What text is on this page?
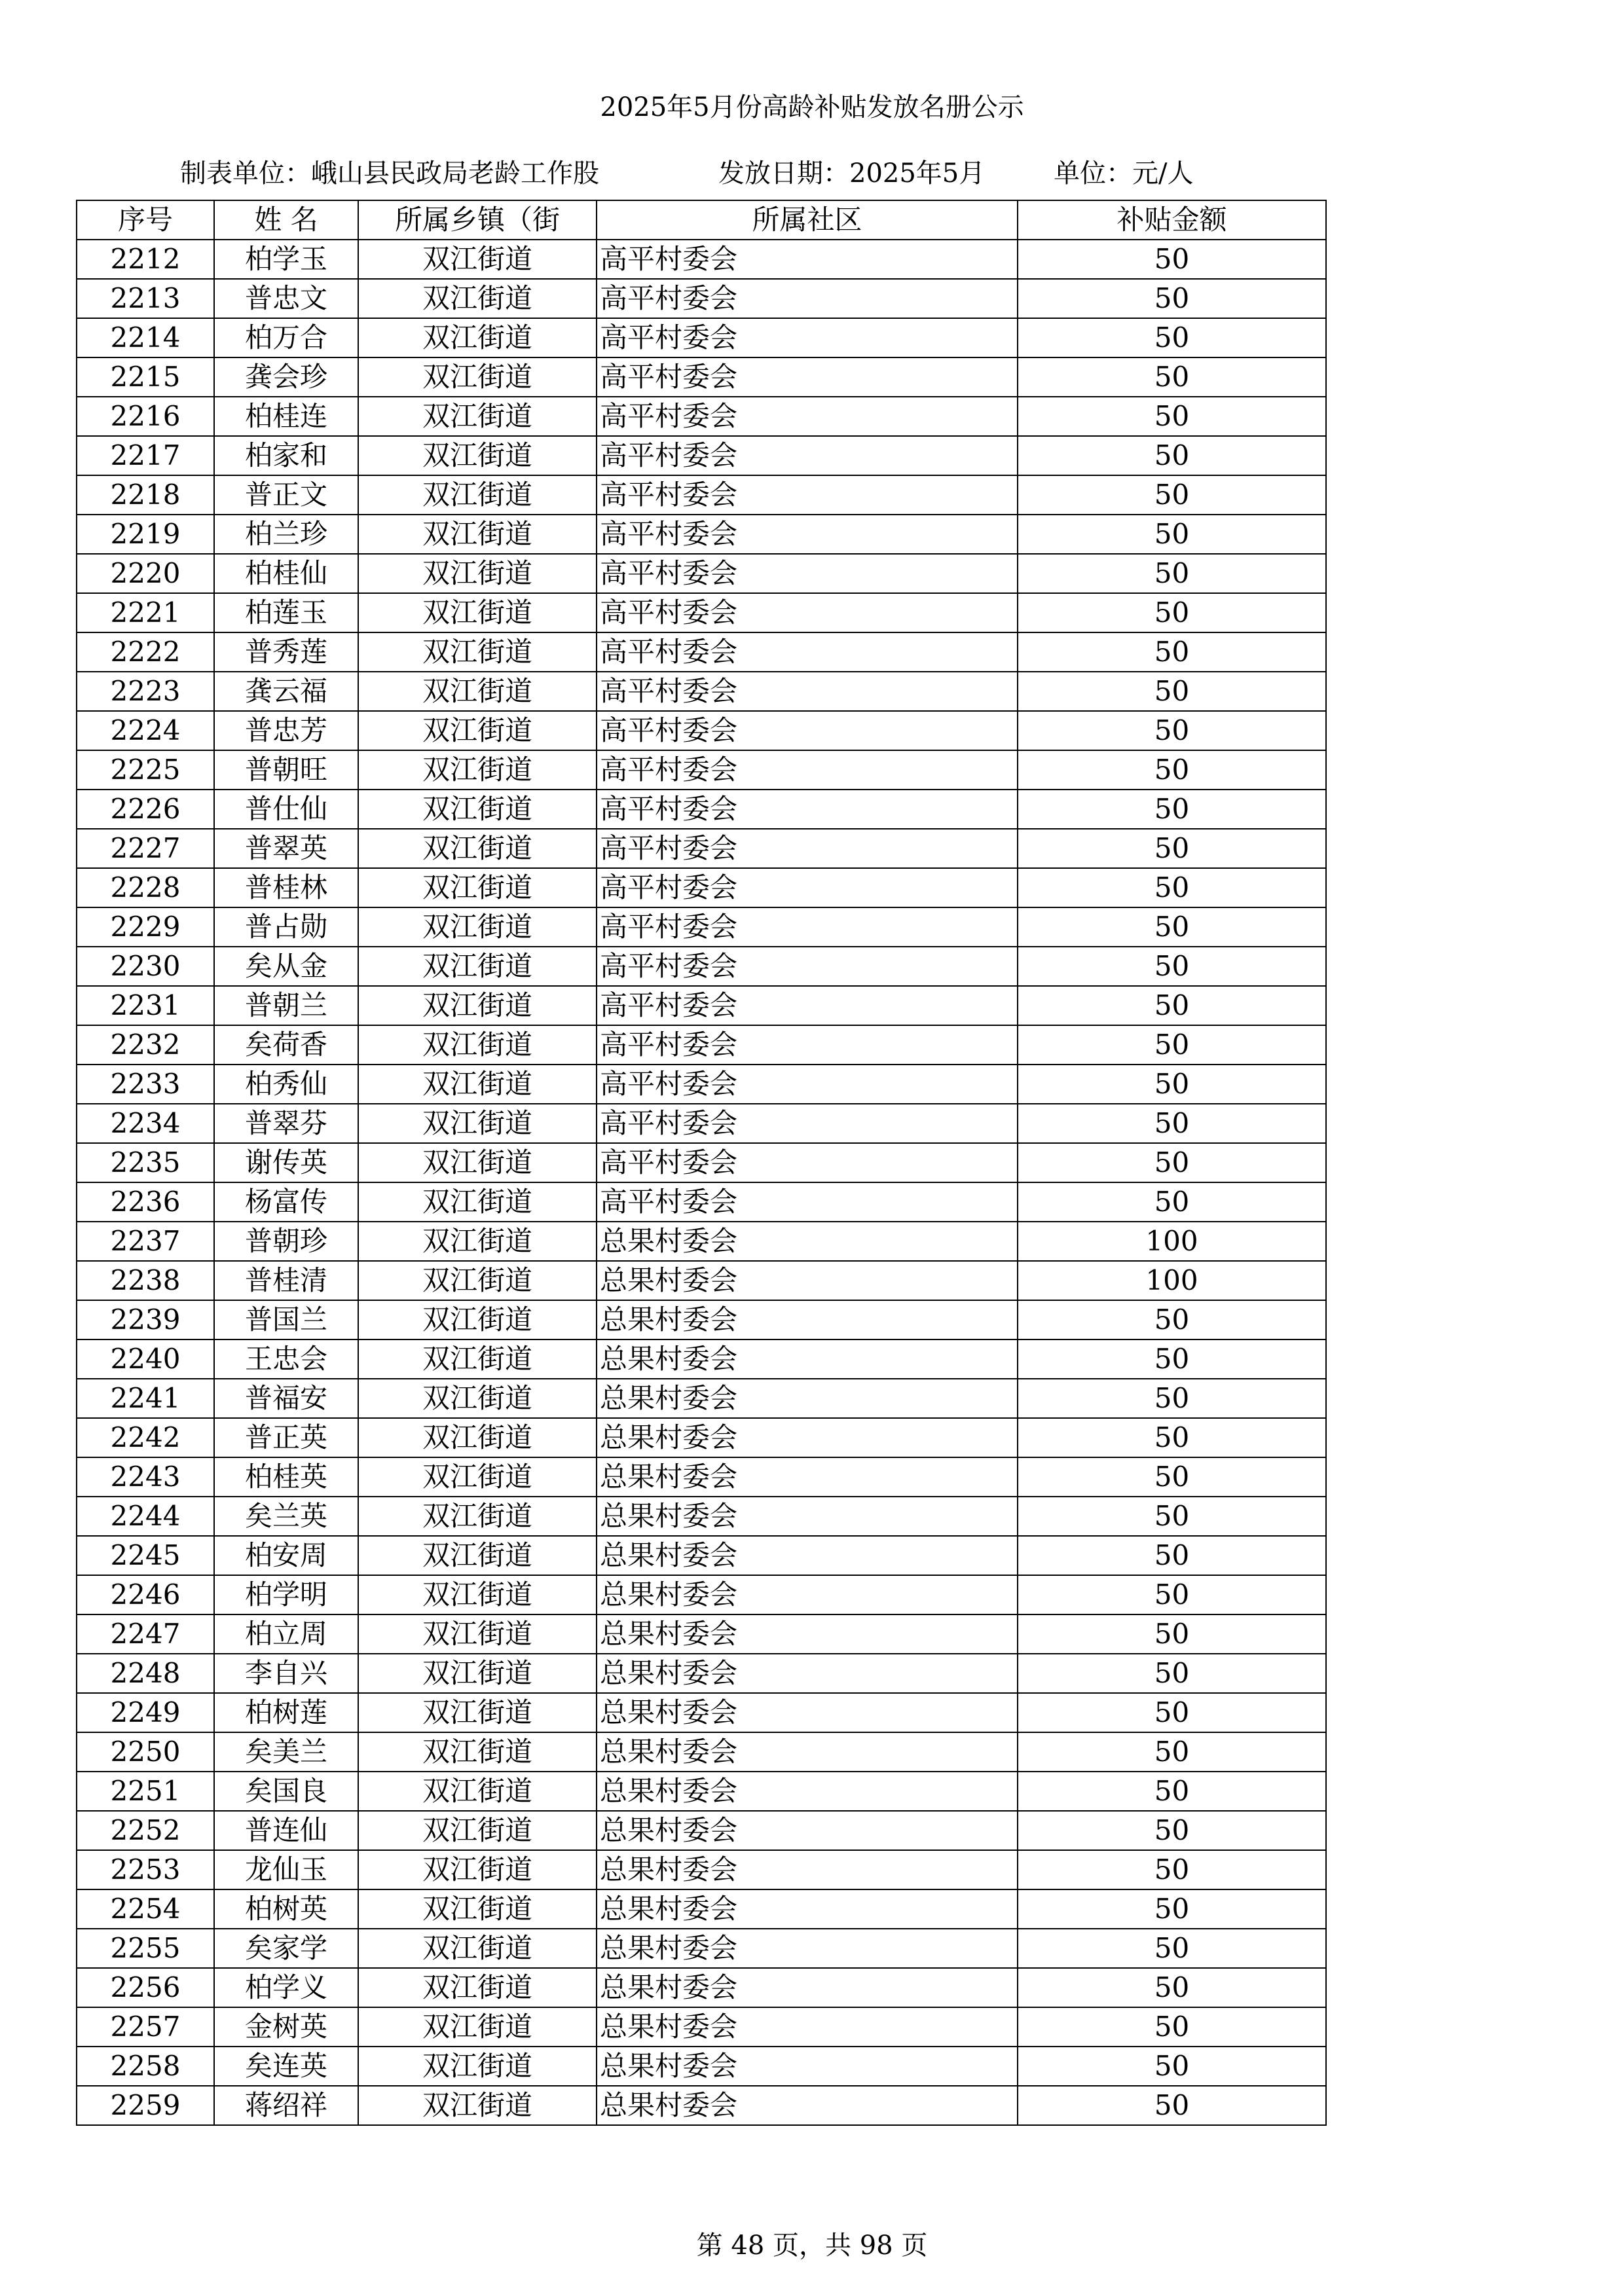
2025年5月份高龄补贴发放名册公示
制表单位：峨山县民政局老龄工作股	发放日期：2025年5月	单位：元/人
序号	姓 名	所属乡镇（街	所属社区	补贴金额
2212	柏学玉	双江街道	高平村委会	50
2213	普忠文	双江街道	高平村委会	50
2214	柏万合	双江街道	高平村委会	50
2215	龚会珍	双江街道	高平村委会	50
2216	柏桂连	双江街道	高平村委会	50
2217	柏家和	双江街道	高平村委会	50
2218	普正文	双江街道	高平村委会	50
2219	柏兰珍	双江街道	高平村委会	50
2220	柏桂仙	双江街道	高平村委会	50
2221	柏莲玉	双江街道	高平村委会	50
2222	普秀莲	双江街道	高平村委会	50
2223	龚云福	双江街道	高平村委会	50
2224	普忠芳	双江街道	高平村委会	50
2225	普朝旺	双江街道	高平村委会	50
2226	普仕仙	双江街道	高平村委会	50
2227	普翠英	双江街道	高平村委会	50
2228	普桂林	双江街道	高平村委会	50
2229	普占勋	双江街道	高平村委会	50
2230	矣从金	双江街道	高平村委会	50
2231	普朝兰	双江街道	高平村委会	50
2232	矣荷香	双江街道	高平村委会	50
2233	柏秀仙	双江街道	高平村委会	50
2234	普翠芬	双江街道	高平村委会	50
2235	谢传英	双江街道	高平村委会	50
2236	杨富传	双江街道	高平村委会	50
2237	普朝珍	双江街道	总果村委会	100
2238	普桂清	双江街道	总果村委会	100
2239	普国兰	双江街道	总果村委会	50
2240	王忠会	双江街道	总果村委会	50
2241	普福安	双江街道	总果村委会	50
2242	普正英	双江街道	总果村委会	50
2243	柏桂英	双江街道	总果村委会	50
2244	矣兰英	双江街道	总果村委会	50
2245	柏安周	双江街道	总果村委会	50
2246	柏学明	双江街道	总果村委会	50
2247	柏立周	双江街道	总果村委会	50
2248	李自兴	双江街道	总果村委会	50
2249	柏树莲	双江街道	总果村委会	50
2250	矣美兰	双江街道	总果村委会	50
2251	矣国良	双江街道	总果村委会	50
2252	普连仙	双江街道	总果村委会	50
2253	龙仙玉	双江街道	总果村委会	50
2254	柏树英	双江街道	总果村委会	50
2255	矣家学	双江街道	总果村委会	50
2256	柏学义	双江街道	总果村委会	50
2257	金树英	双江街道	总果村委会	50
2258	矣连英	双江街道	总果村委会	50
2259	蒋绍祥	双江街道	总果村委会	50
第 48 页，共 98 页
